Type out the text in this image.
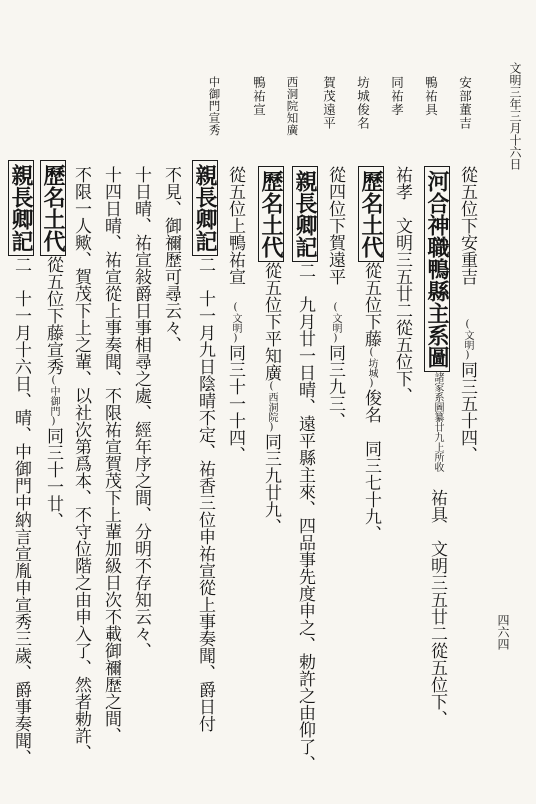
文明三年三月十六日
四六四
安部董吉
鴨祐具
同祐孝
坊城俊名
賀茂遠平
西洞院知廣
鴨祐宣
中御門宣秀
從五位下安重吉　　(文明)同三五十四、
河合神職鴨縣主系圖諸家系圖纂廿九上所收　祐具　文明三五廿二從五位下、
祐孝　文明三五廿二從五位下、
歷名土代從五位下藤(坊城)俊名　同三七十九、
從四位下賀遠平　(文明)同三九三、
親長卿記二　九月廿一日晴、遠平縣主來、四品事先度申之、勅許之由仰了、
歷名土代從五位下平知廣(西洞院)同三九廿九、
從五位上鴨祐宣　(文明)同三十一十四、
親長卿記二　十一月九日陰晴不定、祐香三位申祐宣從上事奏聞、爵日付
不見、御禰歷可尋云々、
十日晴、祐宣敍爵日事相尋之處、經年序之間、分明不存知云々、
十四日晴、祐宣從上事奏聞、不限祐宣賀茂下上輩加級日次不載御禰歷之間、
不限一人歟、賀茂下上之輩、以社次第爲本、不守位階之由申入了、然者勅許、
歷名土代從五位下藤宣秀(中御門)同三十一廿、
親長卿記二　十一月十六日、晴、中御門中納言宣胤申宣秀三歲、爵事奏聞、
